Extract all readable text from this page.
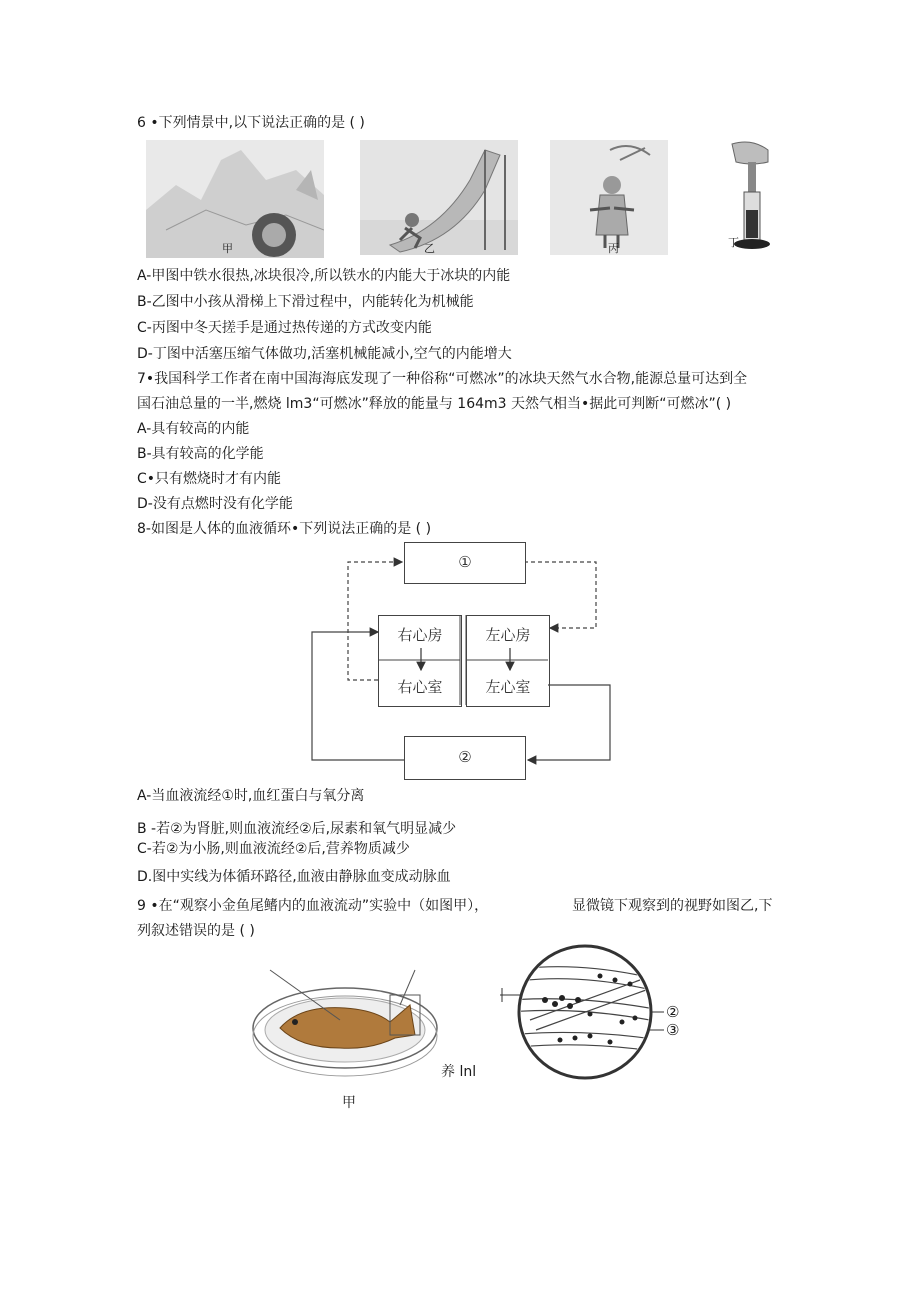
6 •下列情景中,以下说法正确的是 ( )
甲	乙	丙	丁
A-甲图中铁水很热,冰块很冷,所以铁水的内能大于冰块的内能
B-乙图中小孩从滑梯上下滑过程中，内能转化为机械能
C-丙图中冬天搓手是通过热传递的方式改变内能
D-丁图中活塞压缩气体做功,活塞机械能减小,空气的内能增大
7•我国科学工作者在南中国海海底发现了一种俗称“可燃冰”的冰块天然气水合物,能源总量可达到全
国石油总量的一半,燃烧 lm3“可燃冰”释放的能量与 164m3 天然气相当•据此可判断“可燃冰”( )
A-具有较高的内能
B-具有较高的化学能
C•只有燃烧时才有内能
D-没有点燃时没有化学能
8-如图是人体的血液循环•下列说法正确的是 ( )
①
右心房
右心室
左心房
左心室
②
A-当血液流经①时,血红蛋白与氧分离
B -若②为肾脏,则血液流经②后,尿素和氧气明显减少
C-若②为小肠,则血液流经②后,营养物质减少
D.图中实线为体循环路径,血液由静脉血变成动脉血
9 •在“观察小金鱼尾鳍内的血液流动”实验中（如图甲），	显微镜下观察到的视野如图乙,下
列叙述错误的是 ( )
养 lnl
甲
②
③
